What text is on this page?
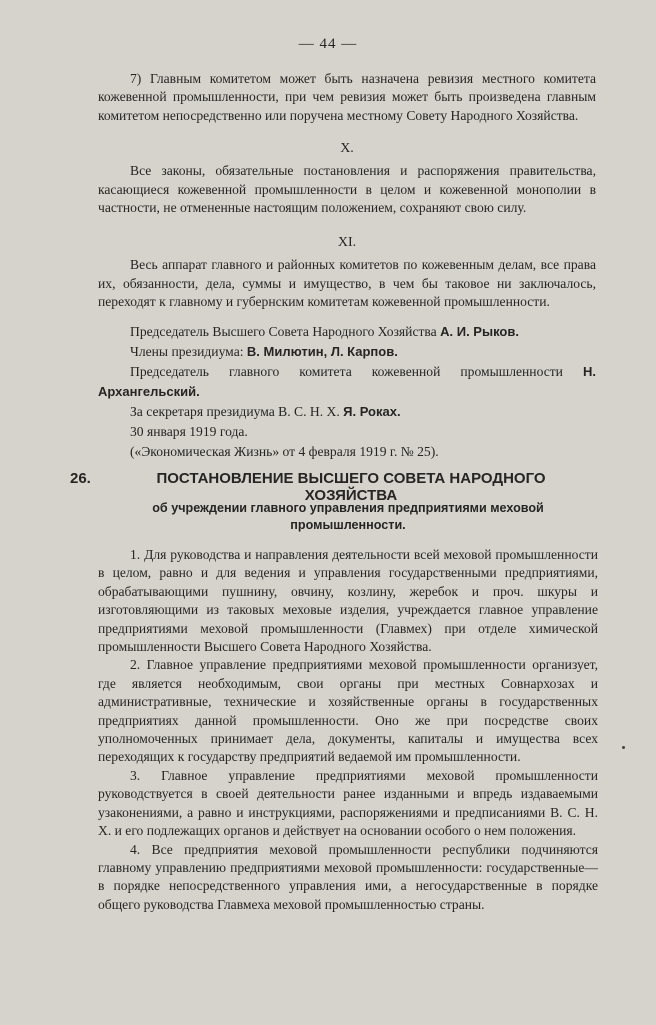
— 44 —

7) Главным комитетом может быть назначена ревизия местного комитета кожевенной промышленности, при чем ревизия может быть произведена главным комитетом непосредственно или поручена местному Совету Народного Хозяйства.

X.

Все законы, обязательные постановления и распоряжения правительства, касающиеся кожевенной промышленности в целом и кожевенной монополии в частности, не отмененные настоящим положением, сохраняют свою силу.

XI.

Весь аппарат главного и районных комитетов по кожевенным делам, все права их, обязанности, дела, суммы и имущество, в чем бы таковое ни заключалось, переходят к главному и губернским комитетам кожевенной промышленности.

Председатель Высшего Совета Народного Хозяйства А. И. Рыков.

Члены президиума: В. Милютин, Л. Карпов.

Председатель главного комитета кожевенной промышленности Н. Архангельский.

За секретаря президиума В. С. Н. Х. Я. Рокаx.

30 января 1919 года.

(«Экономическая Жизнь» от 4 февраля 1919 г. № 25).

26.	ПОСТАНОВЛЕНИЕ ВЫСШЕГО СОВЕТА НАРОДНОГО ХОЗЯЙСТВА
об учреждении главного управления предприятиями меховой промышленности.

1. Для руководства и направления деятельности всей меховой промышленности в целом, равно и для ведения и управления государственными предприятиями, обрабатывающими пушнину, овчину, козлину, жеребок и проч. шкуры и изготовляющими из таковых меховые изделия, учреждается главное управление предприятиями меховой промышленности (Главмех) при отделе химической промышленности Высшего Совета Народного Хозяйства.

2. Главное управление предприятиями меховой промышленности организует, где является необходимым, свои органы при местных Совнархозах и административные, технические и хозяйственные органы в государственных предприятиях данной промышленности. Оно же при посредстве своих уполномоченных принимает дела, документы, капиталы и имущества всех переходящих к государству предприятий ведаемой им промышленности.

3. Главное управление предприятиями меховой промышленности руководствуется в своей деятельности ранее изданными и впредь издаваемыми узаконениями, а равно и инструкциями, распоряжениями и предписаниями В. С. Н. Х. и его подлежащих органов и действует на основании особого о нем положения.

4. Все предприятия меховой промышленности республики подчиняются главному управлению предприятиями меховой промышленности: государственные—в порядке непосредственного управления ими, а негосударственные в порядке общего руководства Главмеха меховой промышленностью страны.
